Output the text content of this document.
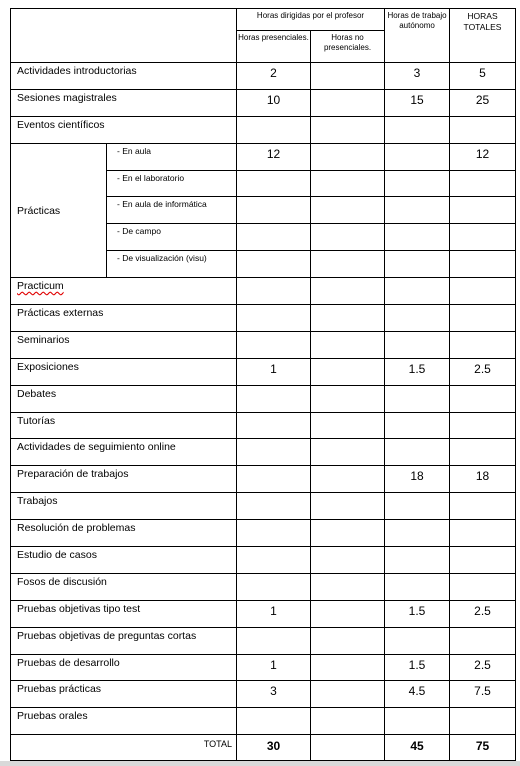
		Horas dirigidas por el profesor		Horas de trabajo autónomo	HORAS TOTALES
		Horas presenciales.	Horas no presenciales.		
Actividades introductorias		2		3	5
Sesiones magistrales		10		15	25
Eventos científicos					
Prácticas	- En aula	12			12
	- En el laboratorio				
	- En aula de informática				
	- De campo				
	- De visualización (visu)				
Practicum					
Prácticas externas					
Seminarios					
Exposiciones		1		1.5	2.5
Debates					
Tutorías					
Actividades de seguimiento online					
Preparación de trabajos				18	18
Trabajos					
Resolución de problemas					
Estudio de casos					
Fosos de discusión					
Pruebas objetivas tipo test		1		1.5	2.5
Pruebas objetivas de preguntas cortas					
Pruebas de desarrollo		1		1.5	2.5
Pruebas prácticas		3		4.5	7.5
Pruebas orales					
TOTAL		30		45	75
